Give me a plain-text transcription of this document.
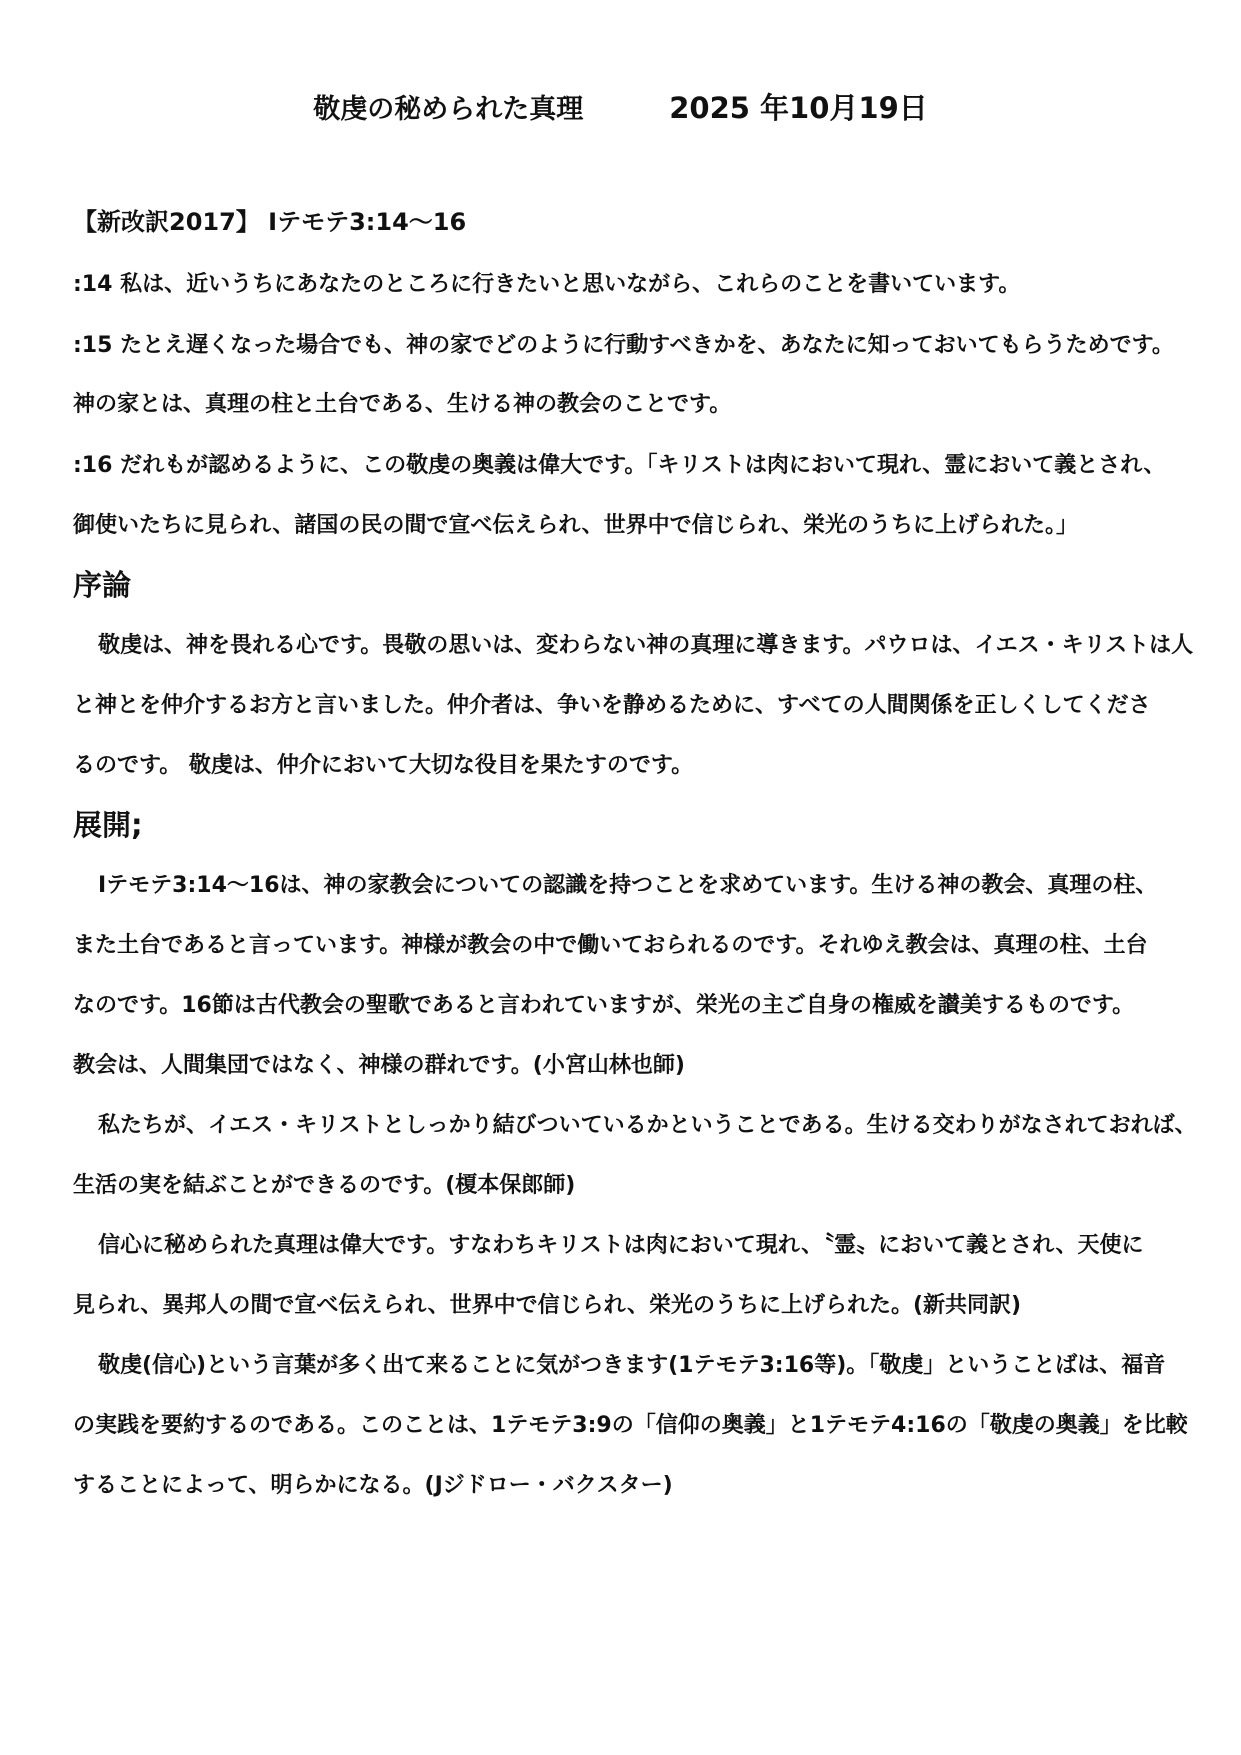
敬虔の秘められた真理	2025 年10月19日
【新改訳2017】 Ⅰテモテ3:14～16
:14 私は、近いうちにあなたのところに行きたいと思いながら、これらのことを書いています。
:15 たとえ遅くなった場合でも、神の家でどのように行動すべきかを、あなたに知っておいてもらうためです。
神の家とは、真理の柱と土台である、生ける神の教会のことです。
:16 だれもが認めるように、この敬虔の奥義は偉大です。「キリストは肉において現れ、霊において義とされ、
御使いたちに見られ、諸国の民の間で宣べ伝えられ、世界中で信じられ、栄光のうちに上げられた。」
序論
敬虔は、神を畏れる心です。畏敬の思いは、変わらない神の真理に導きます。パウロは、イエス・キリストは人
と神とを仲介するお方と言いました。仲介者は、争いを静めるために、すべての人間関係を正しくしてくださ
るのです。 敬虔は、仲介において大切な役目を果たすのです。
展開;
Ⅰテモテ3:14～16は、神の家教会についての認識を持つことを求めています。生ける神の教会、真理の柱、
また土台であると言っています。神様が教会の中で働いておられるのです。それゆえ教会は、真理の柱、土台
なのです。16節は古代教会の聖歌であると言われていますが、栄光の主ご自身の権威を讃美するものです。
教会は、人間集団ではなく、神様の群れです。(小宮山林也師)
私たちが、イエス・キリストとしっかり結びついているかということである。生ける交わりがなされておれば、
生活の実を結ぶことができるのです。(榎本保郎師)
信心に秘められた真理は偉大です。すなわちキリストは肉において現れ、〝霊〟において義とされ、天使に
見られ、異邦人の間で宣べ伝えられ、世界中で信じられ、栄光のうちに上げられた。(新共同訳)
敬虔(信心)という言葉が多く出て来ることに気がつきます(1テモテ3:16等)。「敬虔」ということばは、福音
の実践を要約するのである。このことは、1テモテ3:9の「信仰の奥義」と1テモテ4:16の「敬虔の奥義」を比較
することによって、明らかになる。(Jジドロー・バクスター)
